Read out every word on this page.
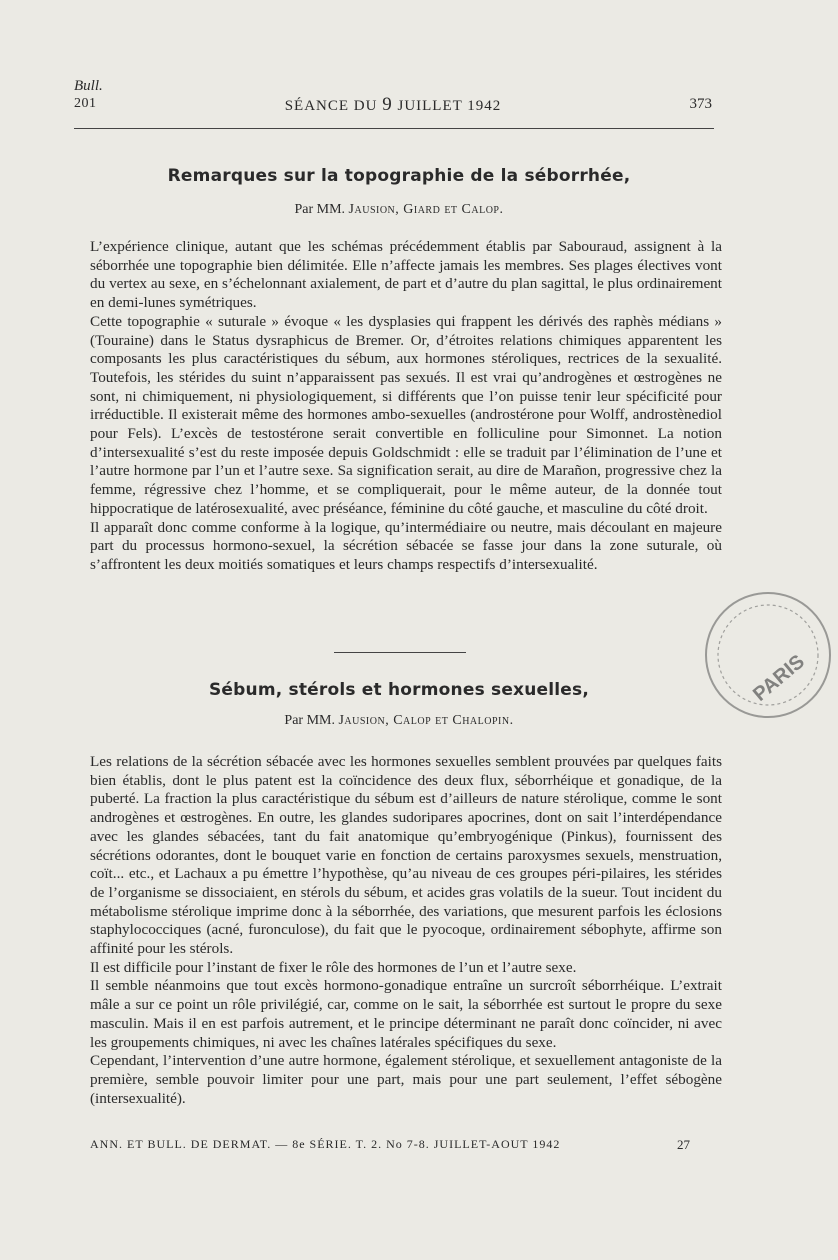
Bull.
201	SÉANCE DU 9 JUILLET 1942	373
Remarques sur la topographie de la séborrhée,
Par MM. Jausion, Giard et Calop.

L’expérience clinique, autant que les schémas précédemment établis par Sabouraud, assignent à la séborrhée une topographie bien délimitée. Elle n’affecte jamais les membres. Ses plages électives vont du vertex au sexe, en s’échelonnant axialement, de part et d’autre du plan sagittal, le plus ordinairement en demi-lunes symétriques.

Cette topographie « suturale » évoque « les dysplasies qui frappent les dérivés des raphès médians » (Touraine) dans le Status dysraphicus de Bremer. Or, d’étroites relations chimiques apparentent les composants les plus caractéristiques du sébum, aux hormones stéroliques, rectrices de la sexualité. Toutefois, les stérides du suint n’apparaissent pas sexués. Il est vrai qu’androgènes et œstrogènes ne sont, ni chimiquement, ni physiologiquement, si différents que l’on puisse tenir leur spécificité pour irréductible. Il existerait même des hormones ambo-sexuelles (androstérone pour Wolff, androstènediol pour Fels). L’excès de testostérone serait convertible en folliculine pour Simonnet. La notion d’intersexualité s’est du reste imposée depuis Goldschmidt : elle se traduit par l’élimination de l’une et l’autre hormone par l’un et l’autre sexe. Sa signification serait, au dire de Marañon, progressive chez la femme, régressive chez l’homme, et se compliquerait, pour le même auteur, de la donnée tout hippocratique de latérosexualité, avec préséance, féminine du côté gauche, et masculine du côté droit.

Il apparaît donc comme conforme à la logique, qu’intermédiaire ou neutre, mais découlant en majeure part du processus hormono-sexuel, la sécrétion sébacée se fasse jour dans la zone suturale, où s’affrontent les deux moitiés somatiques et leurs champs respectifs d’intersexualité.

Sébum, stérols et hormones sexuelles,
Par MM. Jausion, Calop et Chalopin.

Les relations de la sécrétion sébacée avec les hormones sexuelles semblent prouvées par quelques faits bien établis, dont le plus patent est la coïncidence des deux flux, séborrhéique et gonadique, de la puberté. La fraction la plus caractéristique du sébum est d’ailleurs de nature stérolique, comme le sont androgènes et œstrogènes. En outre, les glandes sudoripares apocrines, dont on sait l’interdépendance avec les glandes sébacées, tant du fait anatomique qu’embryogénique (Pinkus), fournissent des sécrétions odorantes, dont le bouquet varie en fonction de certains paroxysmes sexuels, menstruation, coït... etc., et Lachaux a pu émettre l’hypothèse, qu’au niveau de ces groupes péri-pilaires, les stérides de l’organisme se dissociaient, en stérols du sébum, et acides gras volatils de la sueur. Tout incident du métabolisme stérolique imprime donc à la séborrhée, des variations, que mesurent parfois les éclosions staphylococciques (acné, furonculose), du fait que le pyocoque, ordinairement sébophyte, affirme son affinité pour les stérols.

Il est difficile pour l’instant de fixer le rôle des hormones de l’un et l’autre sexe.

Il semble néanmoins que tout excès hormono-gonadique entraîne un surcroît séborrhéique. L’extrait mâle a sur ce point un rôle privilégié, car, comme on le sait, la séborrhée est surtout le propre du sexe masculin. Mais il en est parfois autrement, et le principe déterminant ne paraît donc coïncider, ni avec les groupements chimiques, ni avec les chaînes latérales spécifiques du sexe.

Cependant, l’intervention d’une autre hormone, également stérolique, et sexuellement antagoniste de la première, semble pouvoir limiter pour une part, mais pour une part seulement, l’effet sébogène (intersexualité).

ANN. ET BULL. DE DERMAT. — 8e SÉRIE. T. 2. No 7-8. JUILLET-AOUT 1942	27
PARIS
